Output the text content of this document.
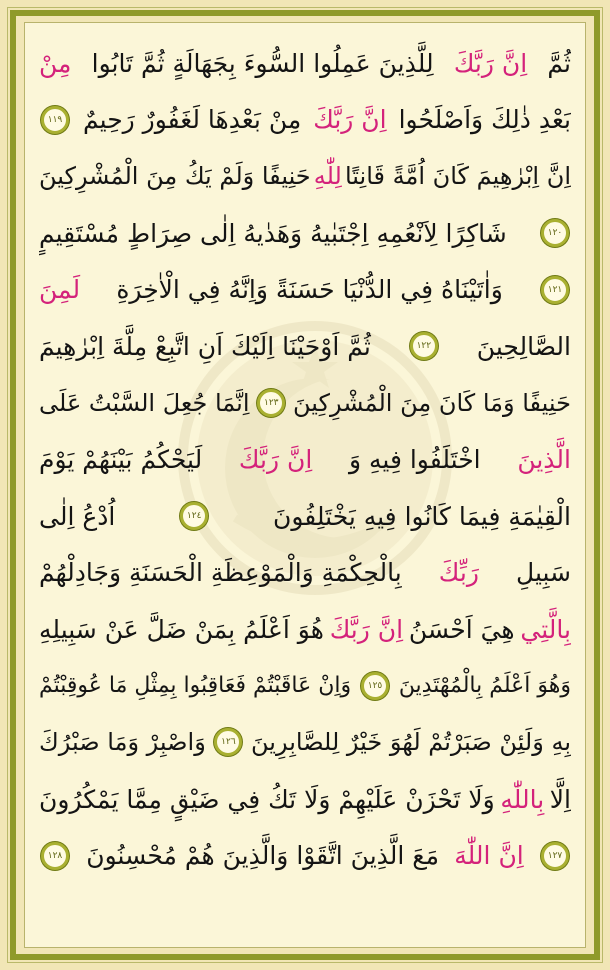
ثُمَّ
اِنَّ رَبَّكَ
لِلَّذِينَ عَمِلُوا السُّوءَ بِجَهَالَةٍ ثُمَّ تَابُوا
مِنْ
بَعْدِ ذٰلِكَ وَاَصْلَحُوا
اِنَّ رَبَّكَ
مِنْ بَعْدِهَا لَغَفُورٌ رَحِيمٌ
١١٩
اِنَّ اِبْرٰهِيمَ كَانَ اُمَّةً قَانِتًا
لِلّٰهِ
حَنِيفًا وَلَمْ يَكُ مِنَ الْمُشْرِكِينَ
١٢٠
شَاكِرًا لِاَنْعُمِهِ اِجْتَبٰيهُ وَهَدٰيهُ اِلٰى صِرَاطٍ مُسْتَقِيمٍ
١٢١
وَاٰتَيْنَاهُ فِي الدُّنْيَا حَسَنَةً وَاِنَّهُ فِي الْاٰخِرَةِ
لَمِنَ
الصَّالِحِينَ
١٢٢
ثُمَّ اَوْحَيْنَا اِلَيْكَ اَنِ اتَّبِعْ مِلَّةَ اِبْرٰهِيمَ
حَنِيفًا وَمَا كَانَ مِنَ الْمُشْرِكِينَ
١٢٣
اِنَّمَا جُعِلَ السَّبْتُ عَلَى
الَّذِينَ
اخْتَلَفُوا فِيهِ وَ
اِنَّ رَبَّكَ
لَيَحْكُمُ بَيْنَهُمْ يَوْمَ
الْقِيٰمَةِ فِيمَا كَانُوا فِيهِ يَخْتَلِفُونَ
١٢٤
اُدْعُ اِلٰى
سَبِيلِ
رَبِّكَ
بِالْحِكْمَةِ وَالْمَوْعِظَةِ الْحَسَنَةِ وَجَادِلْهُمْ
بِالَّتِي
هِيَ اَحْسَنُ
اِنَّ رَبَّكَ
هُوَ اَعْلَمُ بِمَنْ ضَلَّ عَنْ سَبِيلِهِ
وَهُوَ اَعْلَمُ بِالْمُهْتَدِينَ
١٢٥
وَاِنْ عَاقَبْتُمْ فَعَاقِبُوا بِمِثْلِ مَا عُوقِبْتُمْ
بِهِ وَلَئِنْ صَبَرْتُمْ لَهُوَ خَيْرٌ لِلصَّابِرِينَ
١٢٦
وَاصْبِرْ وَمَا صَبْرُكَ
اِلَّا
بِاللّٰهِ
وَلَا تَحْزَنْ عَلَيْهِمْ وَلَا تَكُ فِي ضَيْقٍ مِمَّا يَمْكُرُونَ
١٢٧
اِنَّ اللّٰهَ
مَعَ الَّذِينَ اتَّقَوْا وَالَّذِينَ هُمْ مُحْسِنُونَ
١٢٨
